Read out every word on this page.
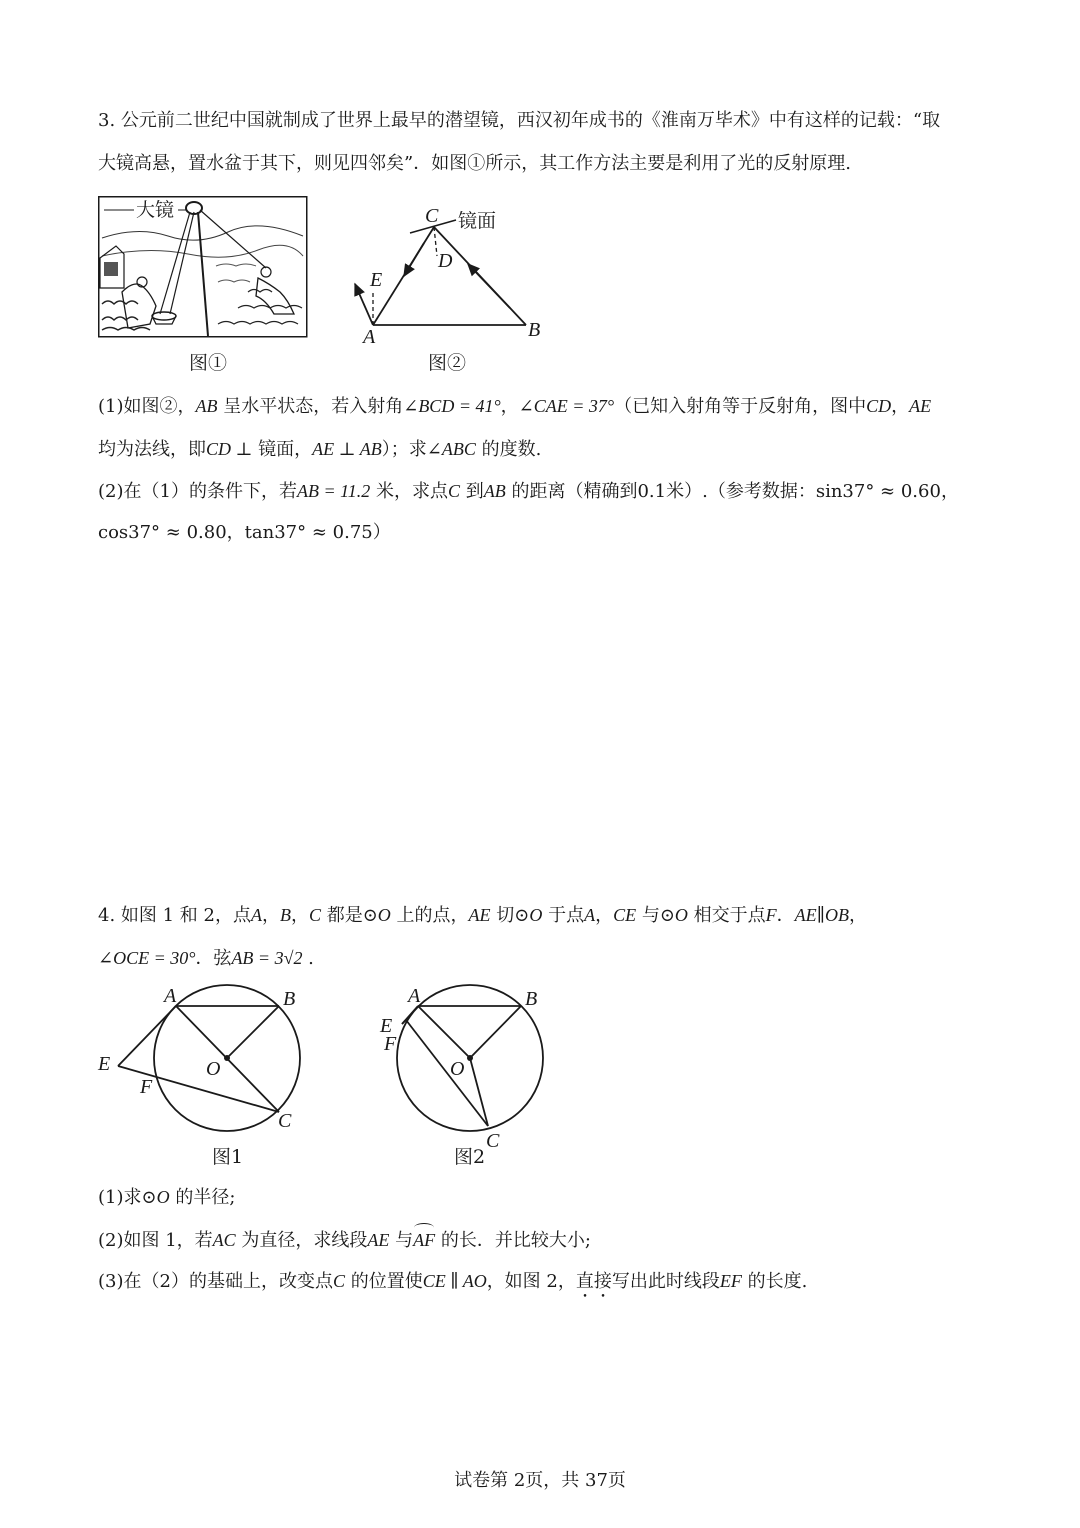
3. 公元前二世纪中国就制成了世界上最早的潜望镜，西汉初年成书的《淮南万毕术》中有这样的记载：“取
大镜高悬，置水盆于其下，则见四邻矣”．如图①所示，其工作方法主要是利用了光的反射原理.
大镜
图①
C
D
E
A	B
镜面
图②
(1)如图②，AB 呈水平状态，若入射角∠BCD = 41°，∠CAE = 37°（已知入射角等于反射角，图中CD，AE
均为法线，即CD ⊥ 镜面，AE ⊥ AB）；求∠ABC 的度数.
(2)在（1）的条件下，若AB = 11.2 米，求点C 到AB 的距离（精确到0.1米）.（参考数据：sin37° ≈ 0.60，
cos37° ≈ 0.80，tan37° ≈ 0.75）
4. 如图 1 和 2，点A，B，C 都是⊙O 上的点，AE 切⊙O 于点A，CE 与⊙O 相交于点F．AE∥OB，
∠OCE = 30°．弦AB = 3√2 .
A	B
O
E
F
C
图1
A	B
O
E
F
C
图2
(1)求⊙O 的半径;
(2)如图 1，若AC 为直径，求线段AE 与AF 的长．并比较大小;
(3)在（2）的基础上，改变点C 的位置使CE ∥ AO，如图 2，直接写出此时线段EF 的长度.
试卷第 2页，共 37页
